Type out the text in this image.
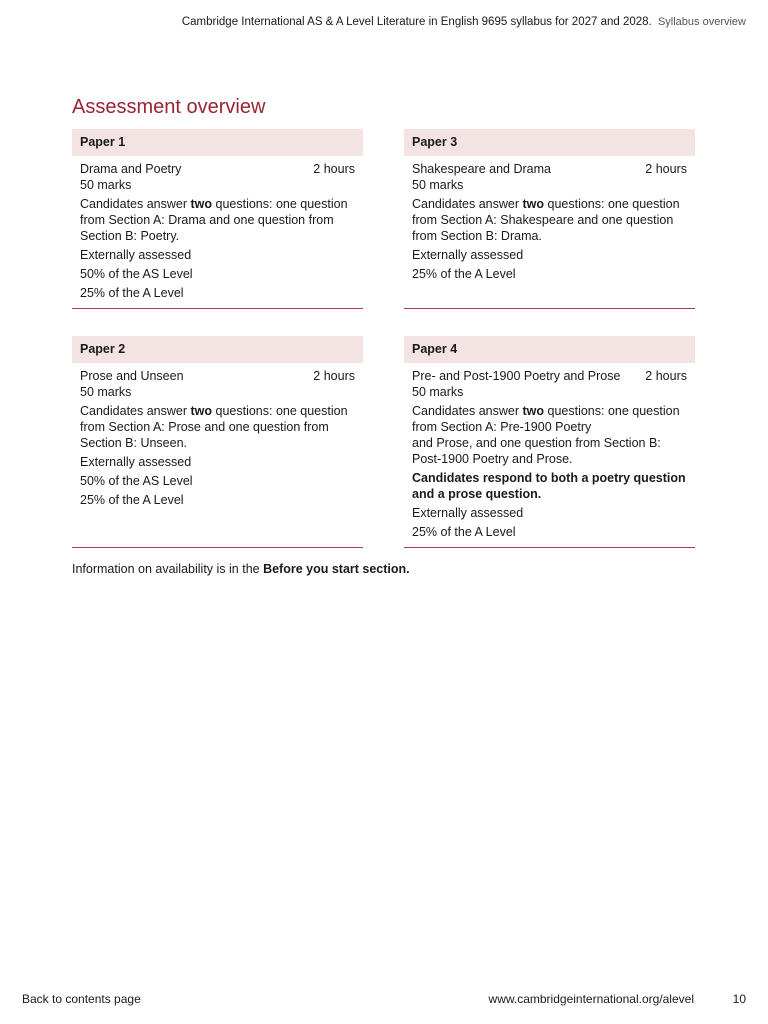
Cambridge International AS & A Level Literature in English 9695 syllabus for 2027 and 2028. Syllabus overview
Assessment overview
Paper 1
Drama and Poetry	2 hours
50 marks
Candidates answer two questions: one question from Section A: Drama and one question from Section B: Poetry.
Externally assessed
50% of the AS Level
25% of the A Level
Paper 3
Shakespeare and Drama	2 hours
50 marks
Candidates answer two questions: one question from Section A: Shakespeare and one question from Section B: Drama.
Externally assessed
25% of the A Level
Paper 2
Prose and Unseen	2 hours
50 marks
Candidates answer two questions: one question from Section A: Prose and one question from Section B: Unseen.
Externally assessed
50% of the AS Level
25% of the A Level
Paper 4
Pre- and Post-1900 Poetry and Prose 2 hours
50 marks
Candidates answer two questions: one question from Section A: Pre-1900 Poetry
and Prose, and one question from Section B: Post-1900 Poetry and Prose.
Candidates respond to both a poetry question and a prose question.
Externally assessed
25% of the A Level
Information on availability is in the Before you start section.
Back to contents page	www.cambridgeinternational.org/alevel	10
